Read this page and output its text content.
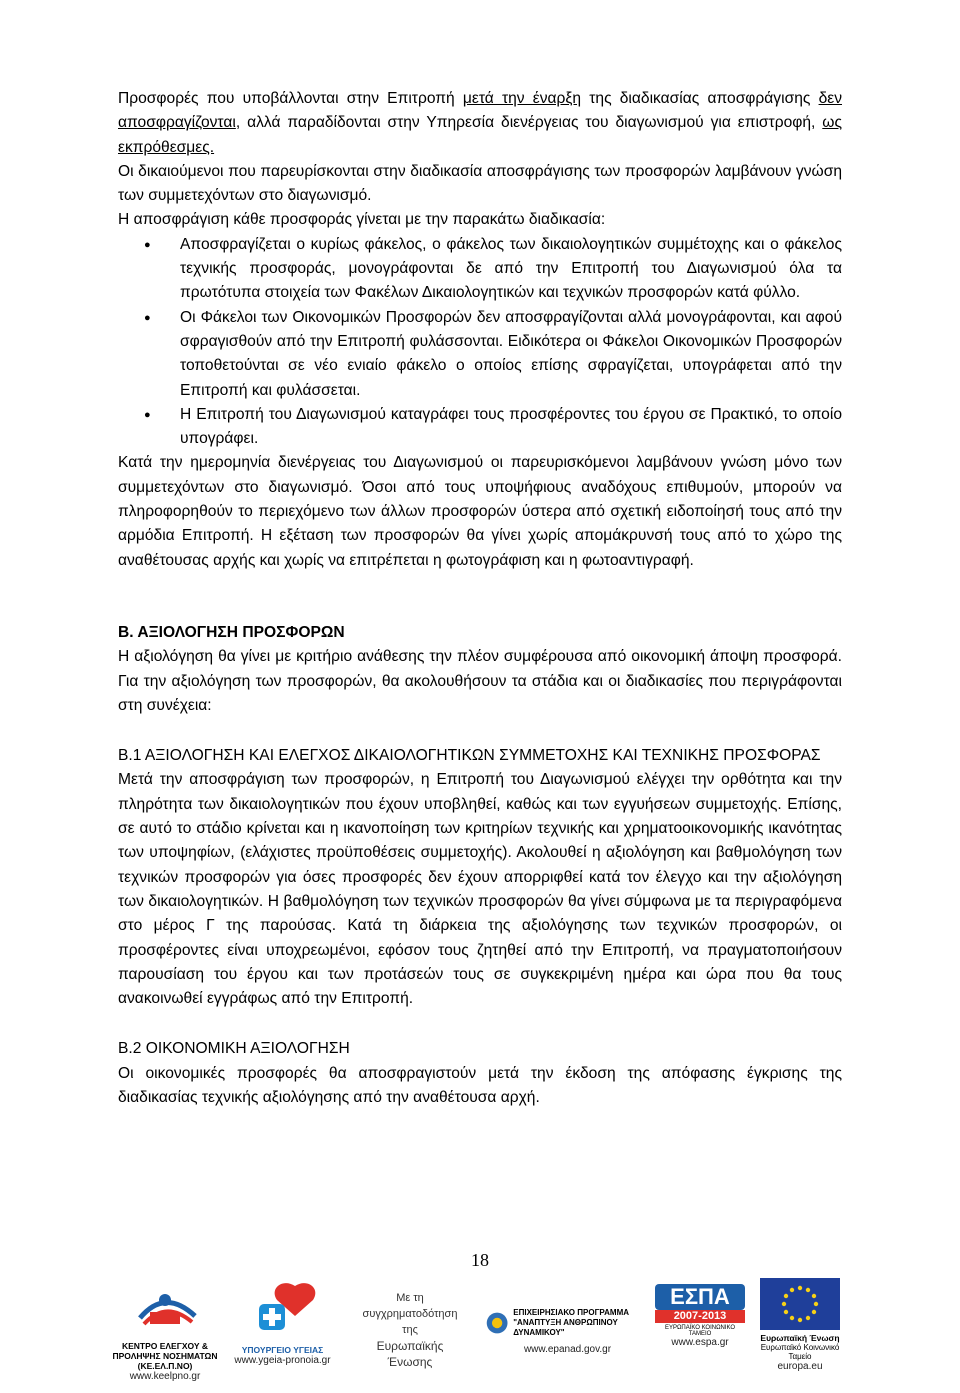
Προσφορές που υποβάλλονται στην Επιτροπή μετά την έναρξη της διαδικασίας αποσφράγισης δεν αποσφραγίζονται, αλλά παραδίδονται στην Υπηρεσία διενέργειας του διαγωνισμού για επιστροφή, ως εκπρόθεσμες.

Οι δικαιούμενοι που παρευρίσκονται στην διαδικασία αποσφράγισης των προσφορών λαμβάνουν γνώση των συμμετεχόντων στο διαγωνισμό.

Η αποσφράγιση κάθε προσφοράς γίνεται με την παρακάτω διαδικασία:

● Αποσφραγίζεται ο κυρίως φάκελος, ο φάκελος των δικαιολογητικών συμμέτοχης και ο φάκελος τεχνικής προσφοράς, μονογράφονται δε από την Επιτροπή του Διαγωνισμού όλα τα πρωτότυπα στοιχεία των Φακέλων Δικαιολογητικών και τεχνικών προσφορών κατά φύλλο.
● Οι Φάκελοι των Οικονομικών Προσφορών δεν αποσφραγίζονται αλλά μονογράφονται, και αφού σφραγισθούν από την Επιτροπή φυλάσσονται. Ειδικότερα οι Φάκελοι Οικονομικών Προσφορών τοποθετούνται σε νέο ενιαίο φάκελο ο οποίος επίσης σφραγίζεται, υπογράφεται από την Επιτροπή και φυλάσσεται.
● Η Επιτροπή του Διαγωνισμού καταγράφει τους προσφέροντες του έργου σε Πρακτικό, το οποίο υπογράφει.

Κατά την ημερομηνία διενέργειας του Διαγωνισμού οι παρευρισκόμενοι λαμβάνουν γνώση μόνο των συμμετεχόντων στο διαγωνισμό. Όσοι από τους υποψήφιους αναδόχους επιθυμούν, μπορούν να πληροφορηθούν το περιεχόμενο των άλλων προσφορών ύστερα από σχετική ειδοποίησή τους από την αρμόδια Επιτροπή. Η εξέταση των προσφορών θα γίνει χωρίς απομάκρυνσή τους από το χώρο της αναθέτουσας αρχής και χωρίς να επιτρέπεται η φωτογράφιση και η φωτοαντιγραφή.

Β. ΑΞΙΟΛΟΓΗΣΗ ΠΡΟΣΦΟΡΩΝ

Η αξιολόγηση θα γίνει με κριτήριο ανάθεσης την πλέον συμφέρουσα από οικονομική άποψη προσφορά. Για την αξιολόγηση των προσφορών, θα ακολουθήσουν τα στάδια και οι διαδικασίες που περιγράφονται στη συνέχεια:

Β.1 ΑΞΙΟΛΟΓΗΣΗ ΚΑΙ ΕΛΕΓΧΟΣ ΔΙΚΑΙΟΛΟΓΗΤΙΚΩΝ ΣΥΜΜΕΤΟΧΗΣ ΚΑΙ ΤΕΧΝΙΚΗΣ ΠΡΟΣΦΟΡΑΣ

Μετά την αποσφράγιση των προσφορών, η Επιτροπή του Διαγωνισμού ελέγχει την ορθότητα και την πληρότητα των δικαιολογητικών που έχουν υποβληθεί, καθώς και των εγγυήσεων συμμετοχής. Επίσης, σε αυτό το στάδιο κρίνεται και η ικανοποίηση των κριτηρίων τεχνικής και χρηματοοικονομικής ικανότητας των υποψηφίων, (ελάχιστες προϋποθέσεις συμμετοχής). Ακολουθεί η αξιολόγηση και βαθμολόγηση των τεχνικών προσφορών για όσες προσφορές δεν έχουν απορριφθεί κατά τον έλεγχο και την αξιολόγηση των δικαιολογητικών. Η βαθμολόγηση των τεχνικών προσφορών θα γίνει σύμφωνα με τα περιγραφόμενα στο μέρος Γ της παρούσας. Κατά τη διάρκεια της αξιολόγησης των τεχνικών προσφορών, οι προσφέροντες είναι υποχρεωμένοι, εφόσον τους ζητηθεί από την Επιτροπή, να πραγματοποιήσουν παρουσίαση του έργου και των προτάσεών τους σε συγκεκριμένη ημέρα και ώρα που θα τους ανακοινωθεί εγγράφως από την Επιτροπή.

Β.2 ΟΙΚΟΝΟΜΙΚΗ ΑΞΙΟΛΟΓΗΣΗ

Οι οικονομικές προσφορές θα αποσφραγιστούν μετά την έκδοση της απόφασης έγκρισης της διαδικασίας τεχνικής αξιολόγησης από την αναθέτουσα αρχή.

18
ΚΕΝΤΡΟ ΕΛΕΓΧΟΥ & ΠΡΟΛΗΨΗΣ ΝΟΣΗΜΑΤΩΝ (ΚΕ.ΕΛ.Π.ΝΟ)
www.keelpno.gr
ΥΠΟΥΡΓΕΙΟ ΥΓΕΙΑΣ
www.ygeia-pronoia.gr
Με τη
συγχρηματοδότηση της
Ευρωπαϊκής Ένωσης
ΕΠΙΧΕΙΡΗΣΙΑΚΟ ΠΡΟΓΡΑΜΜΑ
"ΑΝΑΠΤΥΞΗ ΑΝΘΡΩΠΙΝΟΥ ΔΥΝΑΜΙΚΟΥ"
www.epanad.gov.gr
ΕΣΠΑ
2007-2013
ΕΥΡΩΠΑΪΚΟ ΚΟΙΝΩΝΙΚΟ ΤΑΜΕΙΟ
www.espa.gr	Ευρωπαϊκή Ένωση
Ευρωπαϊκό Κοινωνικό Ταμείο
europa.eu
